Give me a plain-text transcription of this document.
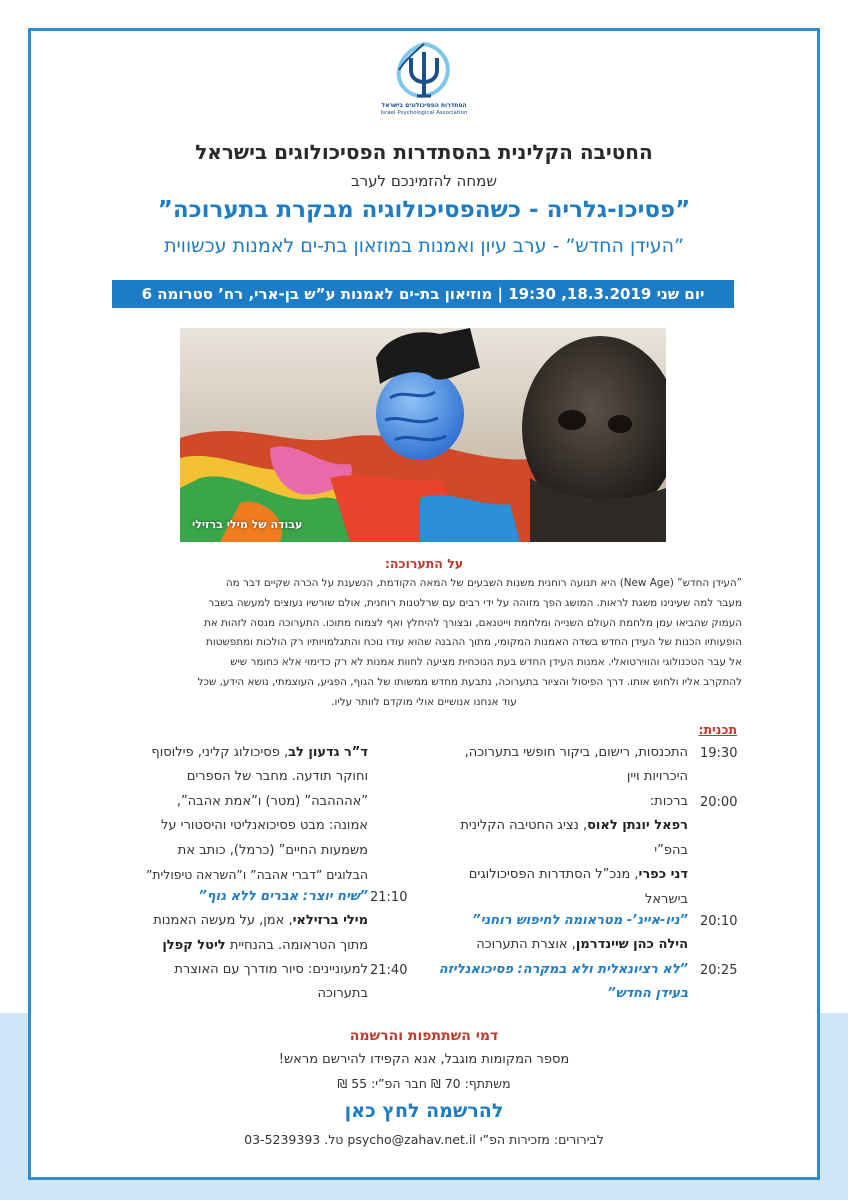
הסתדרות הפסיכולוגים בישראל
Israel Psychological Association
החטיבה הקלינית בהסתדרות הפסיכולוגים בישראל
שמחה להזמינכם לערב
”פסיכו-גלריה - כשהפסיכולוגיה מבקרת בתערוכה”
”העידן החדש” - ערב עיון ואמנות במוזאון בת-ים לאמנות עכשווית
יום שני 18.3.2019, 19:30 | מוזיאון בת-ים לאמנות ע”ש בן-ארי, רח’ סטרומה 6
עבודה של מילי ברזילי
על התערוכה:
”העידן החדש” (New Age) היא תנועה רוחנית משנות השבעים של המאה הקודמת, הנשענת על הכרה שקיים דבר מה
מעבר למה שעינינו משגת לראות. המושג הפך מזוהה על ידי רבים עם שרלטנות רוחנית, אולם שורשיו נעוצים למעשה בשבר
העמוק שהביאו עמן מלחמת העולם השנייה ומלחמת וייטנאם, ובצורך להיחלץ ואף לצמוח מתוכו. התערוכה מנסה לזהות את
הופעותיו הכנות של העידן החדש בשדה האמנות המקומי, מתוך ההבנה שהוא עודו נוכח והתגלמויותיו רק הולכות ומתפשטות
אל עבר הטכנולוגי והווירטואלי. אמנות העידן החדש בעת הנוכחית מציעה לחוות אמנות לא רק כדימוי אלא כחומר שיש
להתקרב אליו ולחוש אותו. דרך הפיסול והציור בתערוכה, נתבעת מחדש ממשותו של הגוף, הפגיע, העוצמתי, נושא הידע, שכל
עוד אנחנו אנושיים אולי מוקדם לוותר עליו.
תכנית:
19:30
התכנסות, רישום, ביקור חופשי בתערוכה,
היכרויות ויין
20:00
ברכות:
רפאל יונתן לאוס, נציג החטיבה הקלינית
בהפ”י
דני כפרי, מנכ”ל הסתדרות הפסיכולוגים
בישראל
20:10
”ניו-אייג’- מטראומה לחיפוש רוחני”
הילה כהן שיינדרמן, אוצרת התערוכה
20:25
”לא רציונאלית ולא במקרה: פסיכואנליזה
בעידן החדש”
ד”ר גדעון לב, פסיכולוג קליני, פילוסוף
וחוקר תודעה. מחבר של הספרים
”אהההבה” (מטר) ו”אמת אהבה”,
אמונה: מבט פסיכואנליטי והיסטורי על
משמעות החיים” (כרמל), כותב את
הבלוגים ”דברי אהבה” ו”השראה טיפולית”
21:10
”שיח יוצר: אברים ללא גוף”
מילי ברזילאי, אמן, על מעשה האמנות
מתוך הטראומה. בהנחיית ליטל קפלן
21:40
למעוניינים: סיור מודרך עם האוצרת
בתערוכה
דמי השתתפות והרשמה
מספר המקומות מוגבל, אנא הקפידו להירשם מראש!
משתתף: 70 ₪ חבר הפ”י: 55 ₪
להרשמה לחץ כאן
לבירורים: מזכירות הפ”י psycho@zahav.net.il טל. 03-5239393
